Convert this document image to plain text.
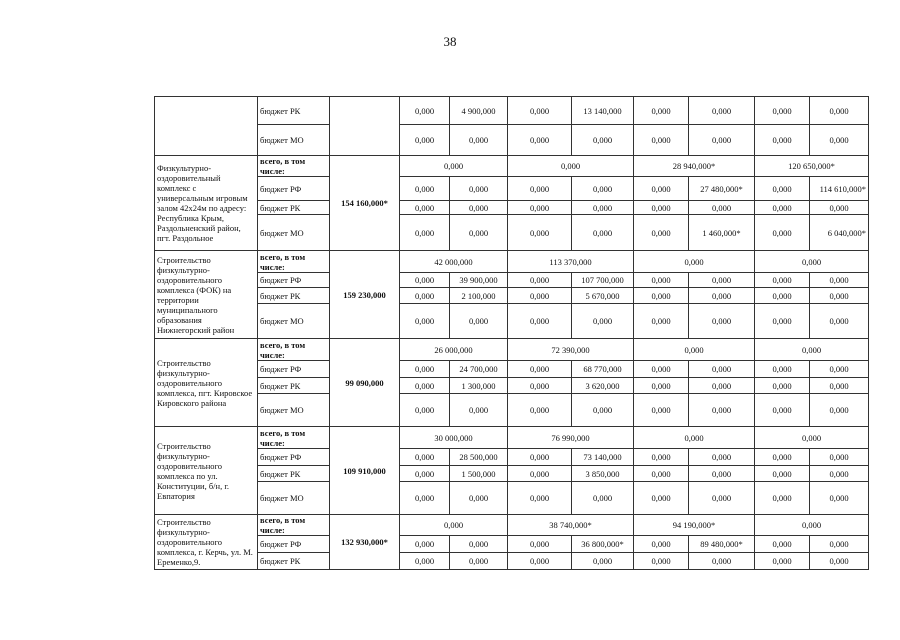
38
	бюджет РК		0,000	4 900,000	0,000	13 140,000	0,000	0,000	0,000	0,000
	бюджет МО		0,000	0,000	0,000	0,000	0,000	0,000	0,000	0,000
Физкультурно-оздоровительный комплекс с универсальным игровым залом 42х24м по адресу: Республика Крым, Раздольненский район, пгт. Раздольное	всего, в том числе:	154 160,000*	0,000		0,000		28 940,000*		120 650,000*	
	бюджет РФ		0,000	0,000	0,000	0,000	0,000	27 480,000*	0,000	114 610,000*
	бюджет РК		0,000	0,000	0,000	0,000	0,000	0,000	0,000	0,000
	бюджет МО		0,000	0,000	0,000	0,000	0,000	1 460,000*	0,000	6 040,000*
Строительство физкультурно-оздоровительного комплекса (ФОК) на территории муниципального образования Нижнегорский район	всего, в том числе:	159 230,000	42 000,000		113 370,000		0,000		0,000	
	бюджет РФ		0,000	39 900,000	0,000	107 700,000	0,000	0,000	0,000	0,000
	бюджет РК		0,000	2 100,000	0,000	5 670,000	0,000	0,000	0,000	0,000
	бюджет МО		0,000	0,000	0,000	0,000	0,000	0,000	0,000	0,000
Строительство физкультурно-оздоровительного комплекса, пгт. Кировское Кировского района	всего, в том числе:	99 090,000	26 000,000		72 390,000		0,000		0,000	
	бюджет РФ		0,000	24 700,000	0,000	68 770,000	0,000	0,000	0,000	0,000
	бюджет РК		0,000	1 300,000	0,000	3 620,000	0,000	0,000	0,000	0,000
	бюджет МО		0,000	0,000	0,000	0,000	0,000	0,000	0,000	0,000
Строительство физкультурно-оздоровительного комплекса по ул. Конституции, б/н, г. Евпатория	всего, в том числе:	109 910,000	30 000,000		76 990,000		0,000		0,000	
	бюджет РФ		0,000	28 500,000	0,000	73 140,000	0,000	0,000	0,000	0,000
	бюджет РК		0,000	1 500,000	0,000	3 850,000	0,000	0,000	0,000	0,000
	бюджет МО		0,000	0,000	0,000	0,000	0,000	0,000	0,000	0,000
Строительство физкультурно-оздоровительного комплекса, г. Керчь, ул. М. Еременко,9.	всего, в том числе:	132 930,000*	0,000		38 740,000*		94 190,000*		0,000	
	бюджет РФ		0,000	0,000	0,000	36 800,000*	0,000	89 480,000*	0,000	0,000
	бюджет РК		0,000	0,000	0,000	0,000	0,000	0,000	0,000	0,000
